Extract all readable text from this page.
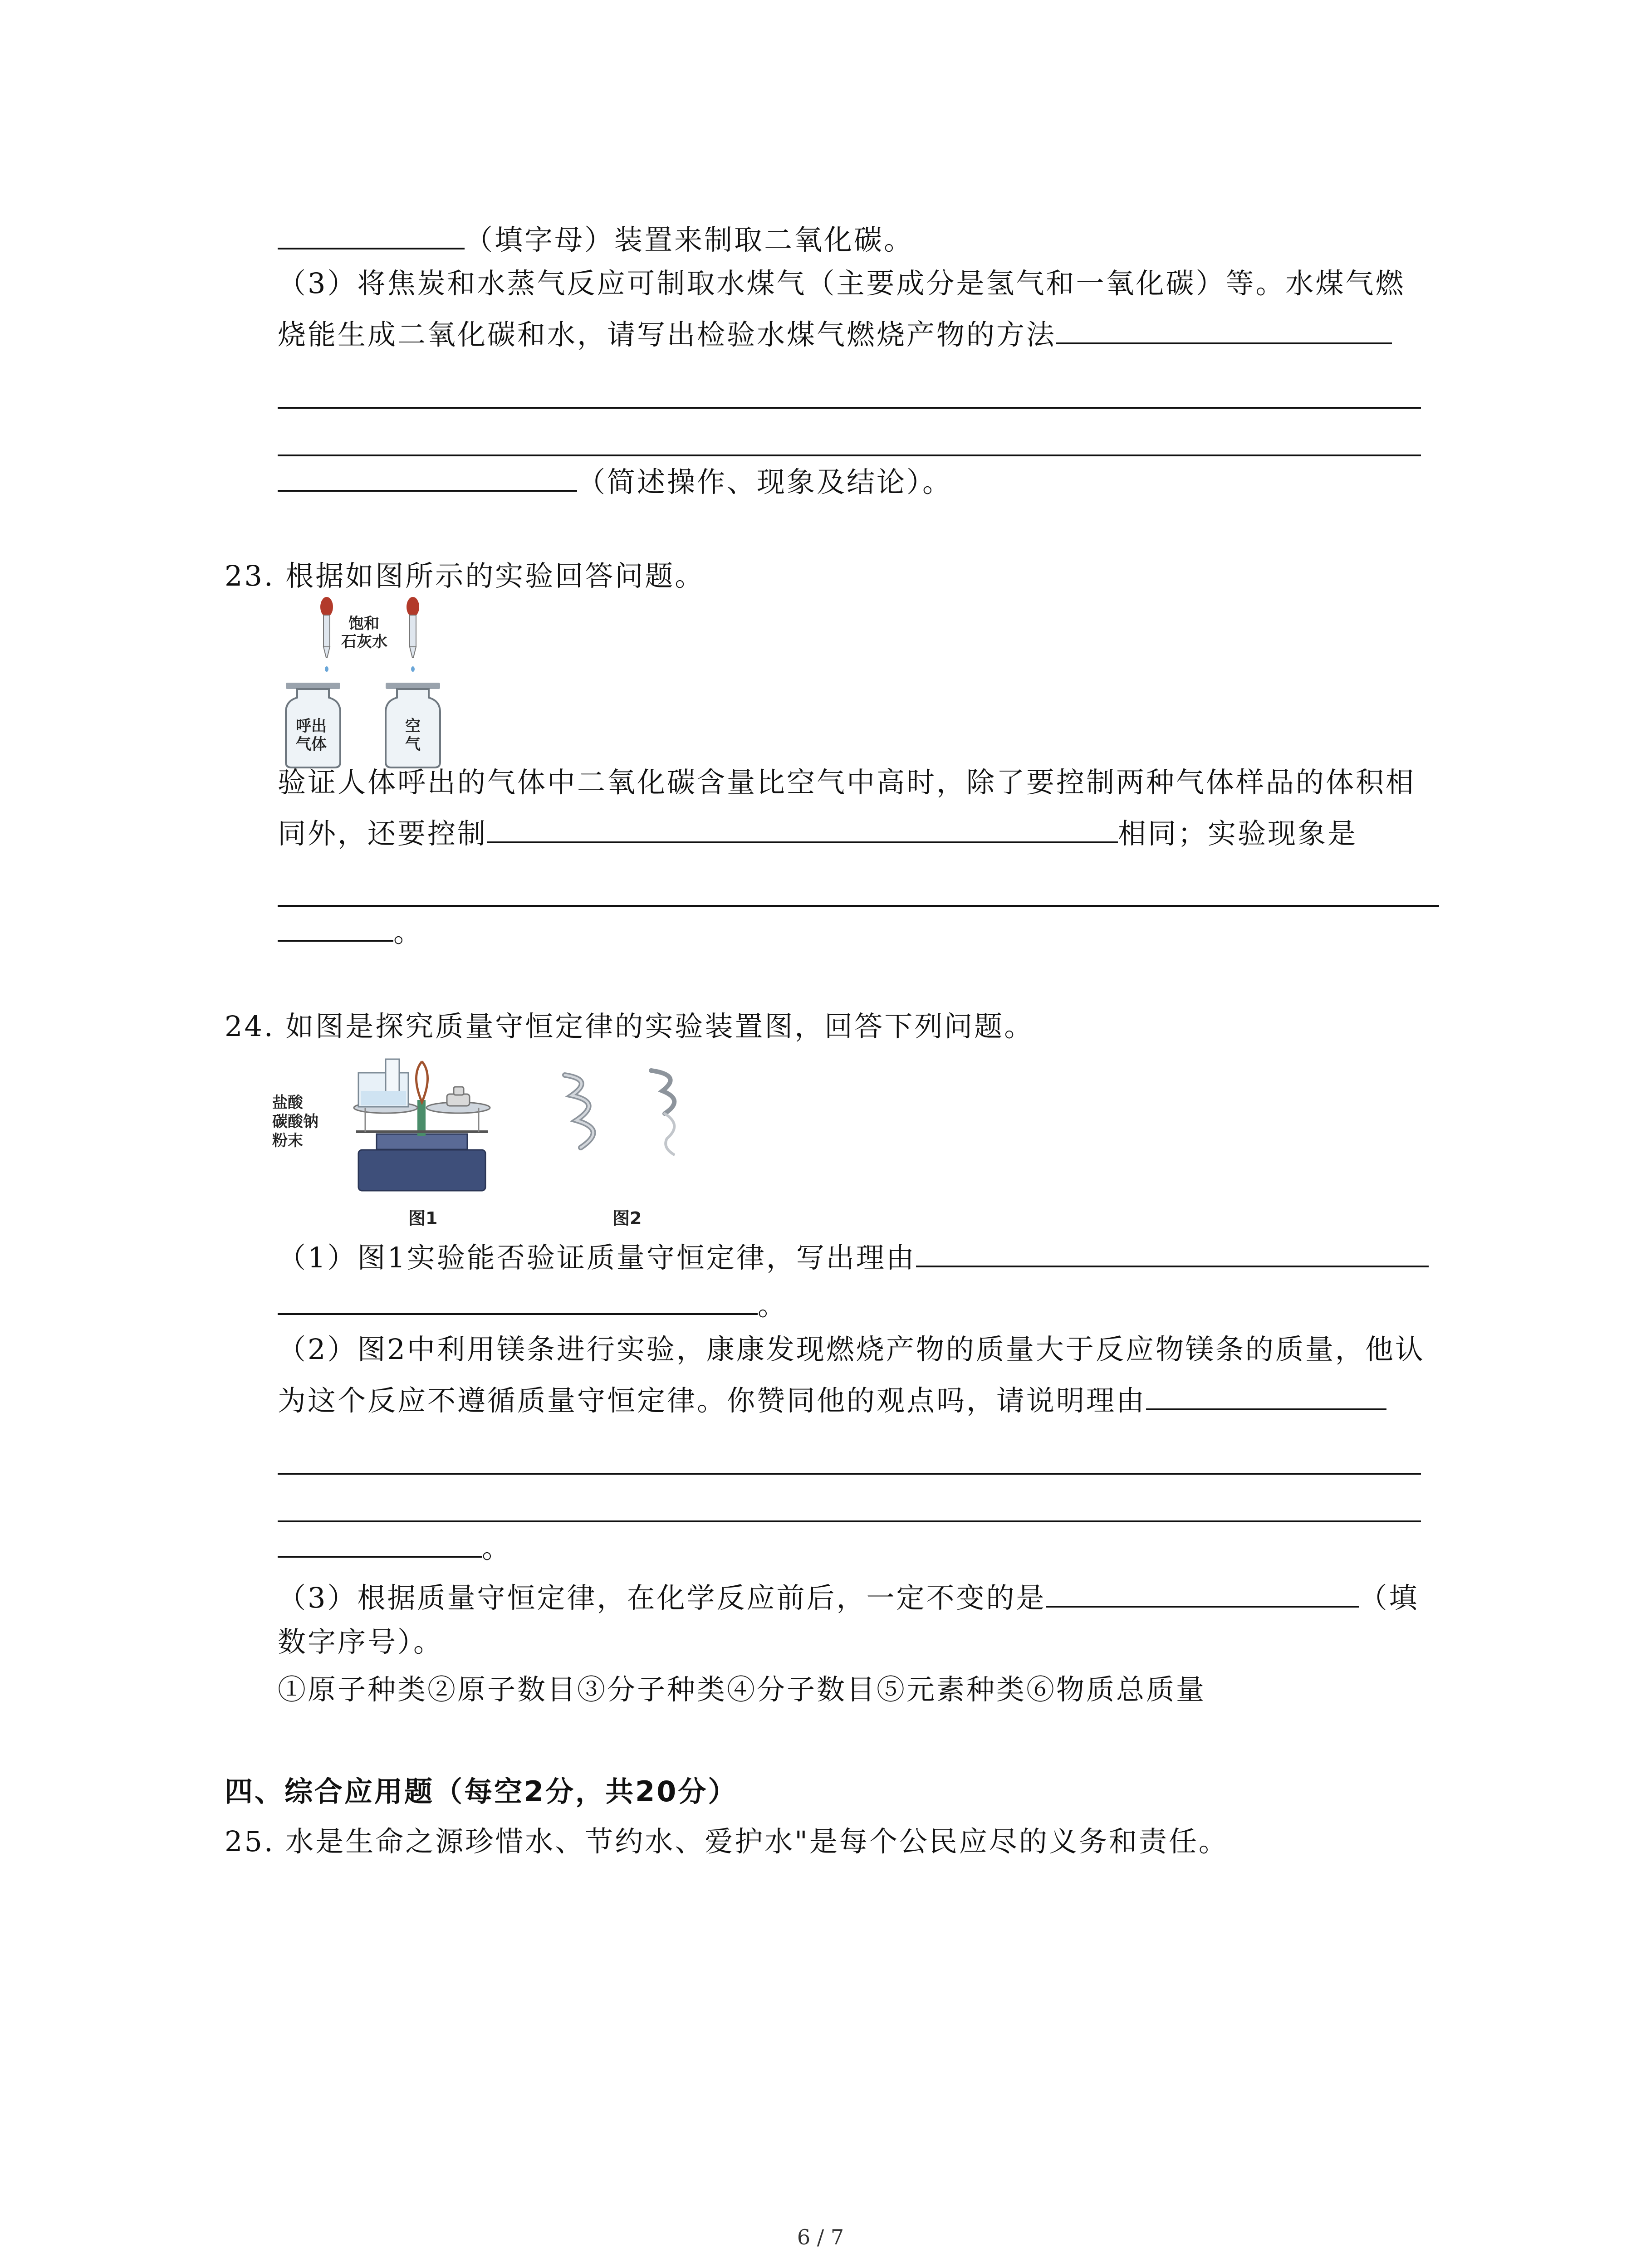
（填字母）装置来制取二氧化碳。
（3）将焦炭和水蒸气反应可制取水煤气（主要成分是氢气和一氧化碳）等。水煤气燃
烧能生成二氧化碳和水，请写出检验水煤气燃烧产物的方法
（简述操作、现象及结论）。
23. 根据如图所示的实验回答问题。
饱和
石灰水
呼出
气体
空
气
验证人体呼出的气体中二氧化碳含量比空气中高时，除了要控制两种气体样品的体积相
同外，还要控制	相同；实验现象是
。
24. 如图是探究质量守恒定律的实验装置图，回答下列问题。
盐酸
碳酸钠
粉末
图1	图2
（1）图1实验能否验证质量守恒定律，写出理由
。
（2）图2中利用镁条进行实验，康康发现燃烧产物的质量大于反应物镁条的质量，他认
为这个反应不遵循质量守恒定律。你赞同他的观点吗，请说明理由
。
（3）根据质量守恒定律，在化学反应前后，一定不变的是	（填
数字序号）。
①原子种类②原子数目③分子种类④分子数目⑤元素种类⑥物质总质量
四、综合应用题（每空2分，共20分）
25. 水是生命之源珍惜水、节约水、爱护水"是每个公民应尽的义务和责任。
6 / 7
